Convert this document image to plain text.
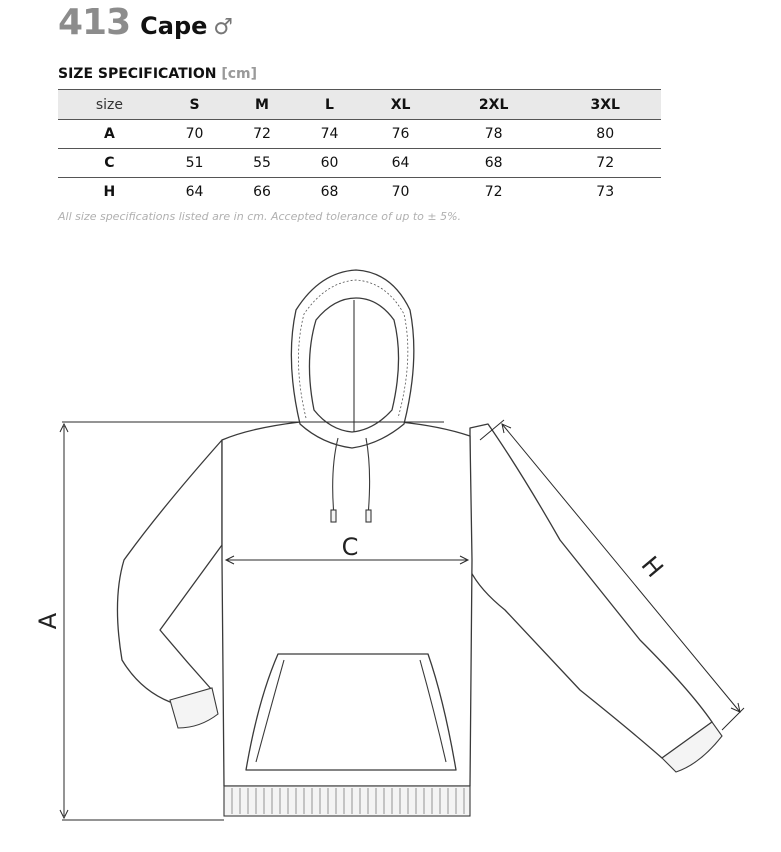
413 Cape ♂
SIZE SPECIFICATION [cm]
size	S	M	L	XL	2XL	3XL
A	70	72	74	76	78	80
C	51	55	60	64	68	72
H	64	66	68	70	72	73
All size specifications listed are in cm. Accepted tolerance of up to ± 5%.
A
C
H
